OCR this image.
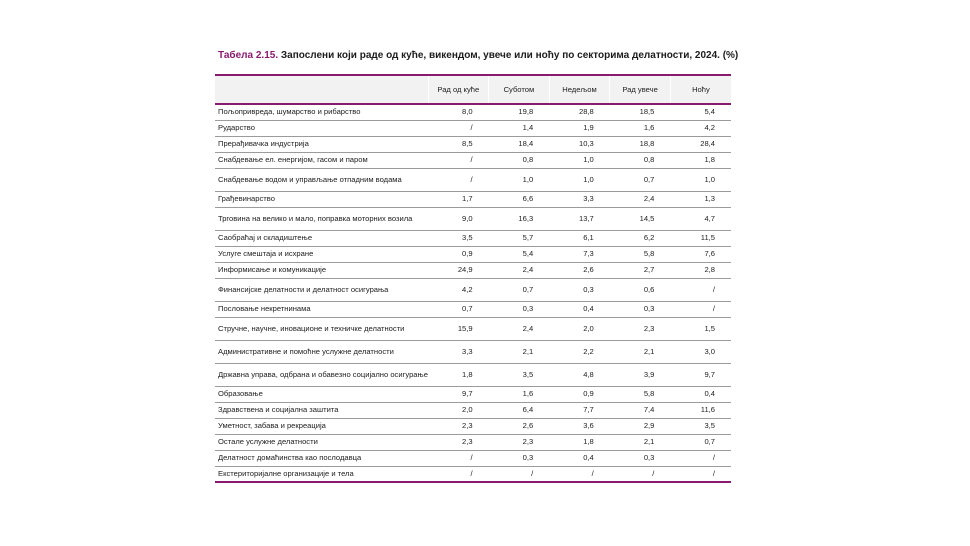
Табела 2.15. Запослени који раде од куће, викендом, увече или ноћу по секторима делатности, 2024. (%)
	Рад од куће	Суботом	Недељом	Рад увече	Ноћу
Пољопривреда, шумарство и рибарство	8,0	19,8	28,8	18,5	5,4
Рударство	/	1,4	1,9	1,6	4,2
Прерађивачка индустрија	8,5	18,4	10,3	18,8	28,4
Снабдевање ел. енергијом, гасом и паром	/	0,8	1,0	0,8	1,8
Снабдевање водом и управљање отпадним водама	/	1,0	1,0	0,7	1,0
Грађевинарство	1,7	6,6	3,3	2,4	1,3
Трговина на велико и мало, поправка моторних возила	9,0	16,3	13,7	14,5	4,7
Саобраћај и складиштење	3,5	5,7	6,1	6,2	11,5
Услуге смештаја и исхране	0,9	5,4	7,3	5,8	7,6
Информисање и комуникације	24,9	2,4	2,6	2,7	2,8
Финансијске делатности и делатност осигурања	4,2	0,7	0,3	0,6	/
Пословање некретнинама	0,7	0,3	0,4	0,3	/
Стручне, научне, иновационе и техничке делатности	15,9	2,4	2,0	2,3	1,5
Административне и помоћне услужне делатности	3,3	2,1	2,2	2,1	3,0
Државна управа, одбрана и обавезно социјално осигурање	1,8	3,5	4,8	3,9	9,7
Образовање	9,7	1,6	0,9	5,8	0,4
Здравствена и социјална заштита	2,0	6,4	7,7	7,4	11,6
Уметност, забава и рекреација	2,3	2,6	3,6	2,9	3,5
Остале услужне делатности	2,3	2,3	1,8	2,1	0,7
Делатност домаћинства као послодавца	/	0,3	0,4	0,3	/
Екстериторијалне организације и тела	/	/	/	/	/
